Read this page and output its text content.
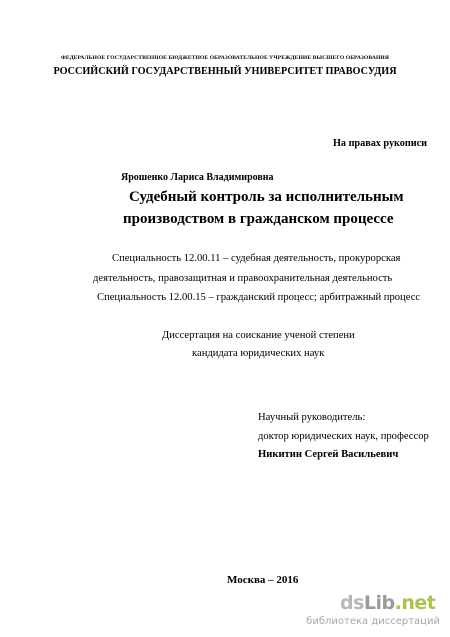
ФЕДЕРАЛЬНОЕ ГОСУДАРСТВЕННОЕ БЮДЖЕТНОЕ ОБРАЗОВАТЕЛЬНОЕ УЧРЕЖДЕНИЕ ВЫСШЕГО ОБРАЗОВАНИЯ
РОССИЙСКИЙ ГОСУДАРСТВЕННЫЙ УНИВЕРСИТЕТ ПРАВОСУДИЯ
На правах рукописи
Ярошенко Лариса Владимировна
Судебный контроль за исполнительным
производством в гражданском процессе
Специальность 12.00.11 – судебная деятельность, прокурорская
деятельность, правозащитная и правоохранительная деятельность
Специальность 12.00.15 – гражданский процесс; арбитражный процесс
Диссертация на соискание ученой степени
кандидата юридических наук
Научный руководитель:
доктор юридических наук, профессор
Никитин Сергей Васильевич
Москва – 2016
dsLib.net
библиотека диссертаций
